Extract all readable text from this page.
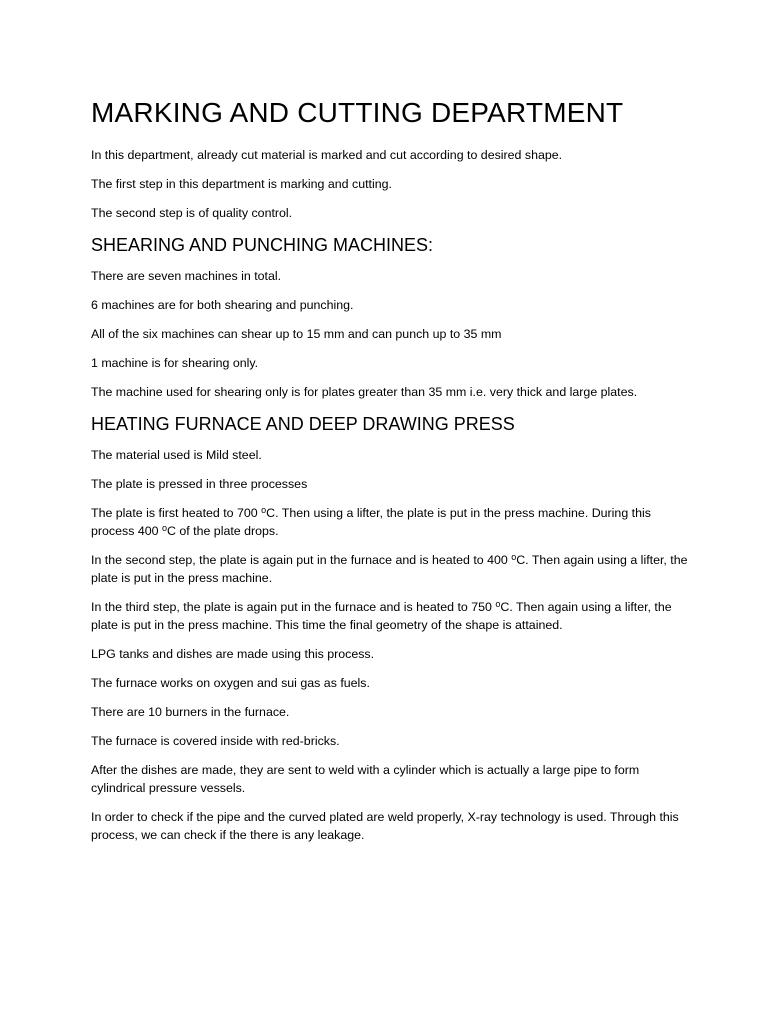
MARKING AND CUTTING DEPARTMENT

In this department, already cut material is marked and cut according to desired shape.

The first step in this department is marking and cutting.

The second step is of quality control.

SHEARING AND PUNCHING MACHINES:

There are seven machines in total.

6 machines are for both shearing and punching.

All of the six machines can shear up to 15 mm and can punch up to 35 mm

1 machine is for shearing only.

The machine used for shearing only is for plates greater than 35 mm i.e. very thick and large plates.

HEATING FURNACE AND DEEP DRAWING PRESS

The material used is Mild steel.

The plate is pressed in three processes

The plate is first heated to 700 $^o$C. Then using a lifter, the plate is put in the press machine. During this process 400 $^o$C of the plate drops.

In the second step, the plate is again put in the furnace and is heated to 400 $^o$C. Then again using a lifter, the plate is put in the press machine.

In the third step, the plate is again put in the furnace and is heated to 750 $^o$C. Then again using a lifter, the plate is put in the press machine. This time the final geometry of the shape is attained.

LPG tanks and dishes are made using this process.

The furnace works on oxygen and sui gas as fuels.

There are 10 burners in the furnace.

The furnace is covered inside with red-bricks.

After the dishes are made, they are sent to weld with a cylinder which is actually a large pipe to form cylindrical pressure vessels.

In order to check if the pipe and the curved plated are weld properly, X-ray technology is used. Through this process, we can check if the there is any leakage.
